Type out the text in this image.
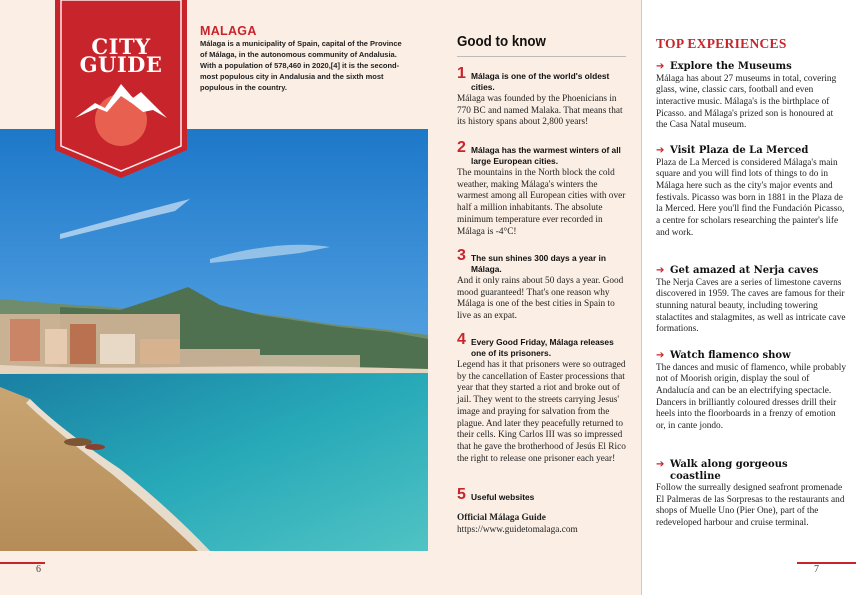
CITY
GUIDE
MALAGA
Málaga is a municipality of Spain, capital of the Province of Málaga, in the autonomous community of Andalusia. With a population of 578,460 in 2020,[4] it is the second-most populous city in Andalusia and the sixth most populous in the country.
Good to know
1 Málaga is one of the world's oldest cities.
Málaga was founded by the Phoenicians in 770 BC and named Malaka. That means that its history spans about 2,800 years!
2 Málaga has the warmest winters of all large European cities.
The mountains in the North block the cold weather, making Málaga's winters the warmest among all European cities with over half a million inhabitants. The absolute minimum temperature ever recorded in Málaga is -4°C!
3 The sun shines 300 days a year in Málaga.
And it only rains about 50 days a year. Good mood guaranteed! That's one reason why Málaga is one of the best cities in Spain to live as an expat.
4 Every Good Friday, Málaga releases one of its prisoners.
Legend has it that prisoners were so outraged by the cancellation of Easter processions that year that they started a riot and broke out of jail. They went to the streets carrying Jesus' image and praying for salvation from the plague. And later they peacefully returned to their cells. King Carlos III was so impressed that he gave the brotherhood of Jesús El Rico the right to release one prisoner each year!
5 Useful websites
Official Málaga Guide
https://www.guidetomalaga.com
6
TOP EXPERIENCES
➔ Explore the Museums
Málaga has about 27 museums in total, covering glass, wine, classic cars, football and even interactive music. Málaga's is the birthplace of Picasso. and Málaga's prized son is honoured at the Casa Natal museum.
➔ Visit Plaza de La Merced
Plaza de La Merced is considered Málaga's main square and you will find lots of things to do in Málaga here such as the city's major events and festivals. Picasso was born in 1881 in the Plaza de la Merced. Here you'll find the Fundación Picasso, a centre for scholars researching the painter's life and work.
➔ Get amazed at Nerja caves
The Nerja Caves are a series of limestone caverns discovered in 1959. The caves are famous for their stunning natural beauty, including towering stalactites and stalagmites, as well as intricate cave formations.
➔ Watch flamenco show
The dances and music of flamenco, while probably not of Moorish origin, display the soul of Andalucía and can be an electrifying spectacle. Dancers in brilliantly coloured dresses drill their heels into the floorboards in a frenzy of emotion or, in cante jondo.
➔ Walk along gorgeous coastline
Follow the surreally designed seafront promenade El Palmeras de las Sorpresas to the restaurants and shops of Muelle Uno (Pier One), part of the redeveloped harbour and cruise terminal.
7
